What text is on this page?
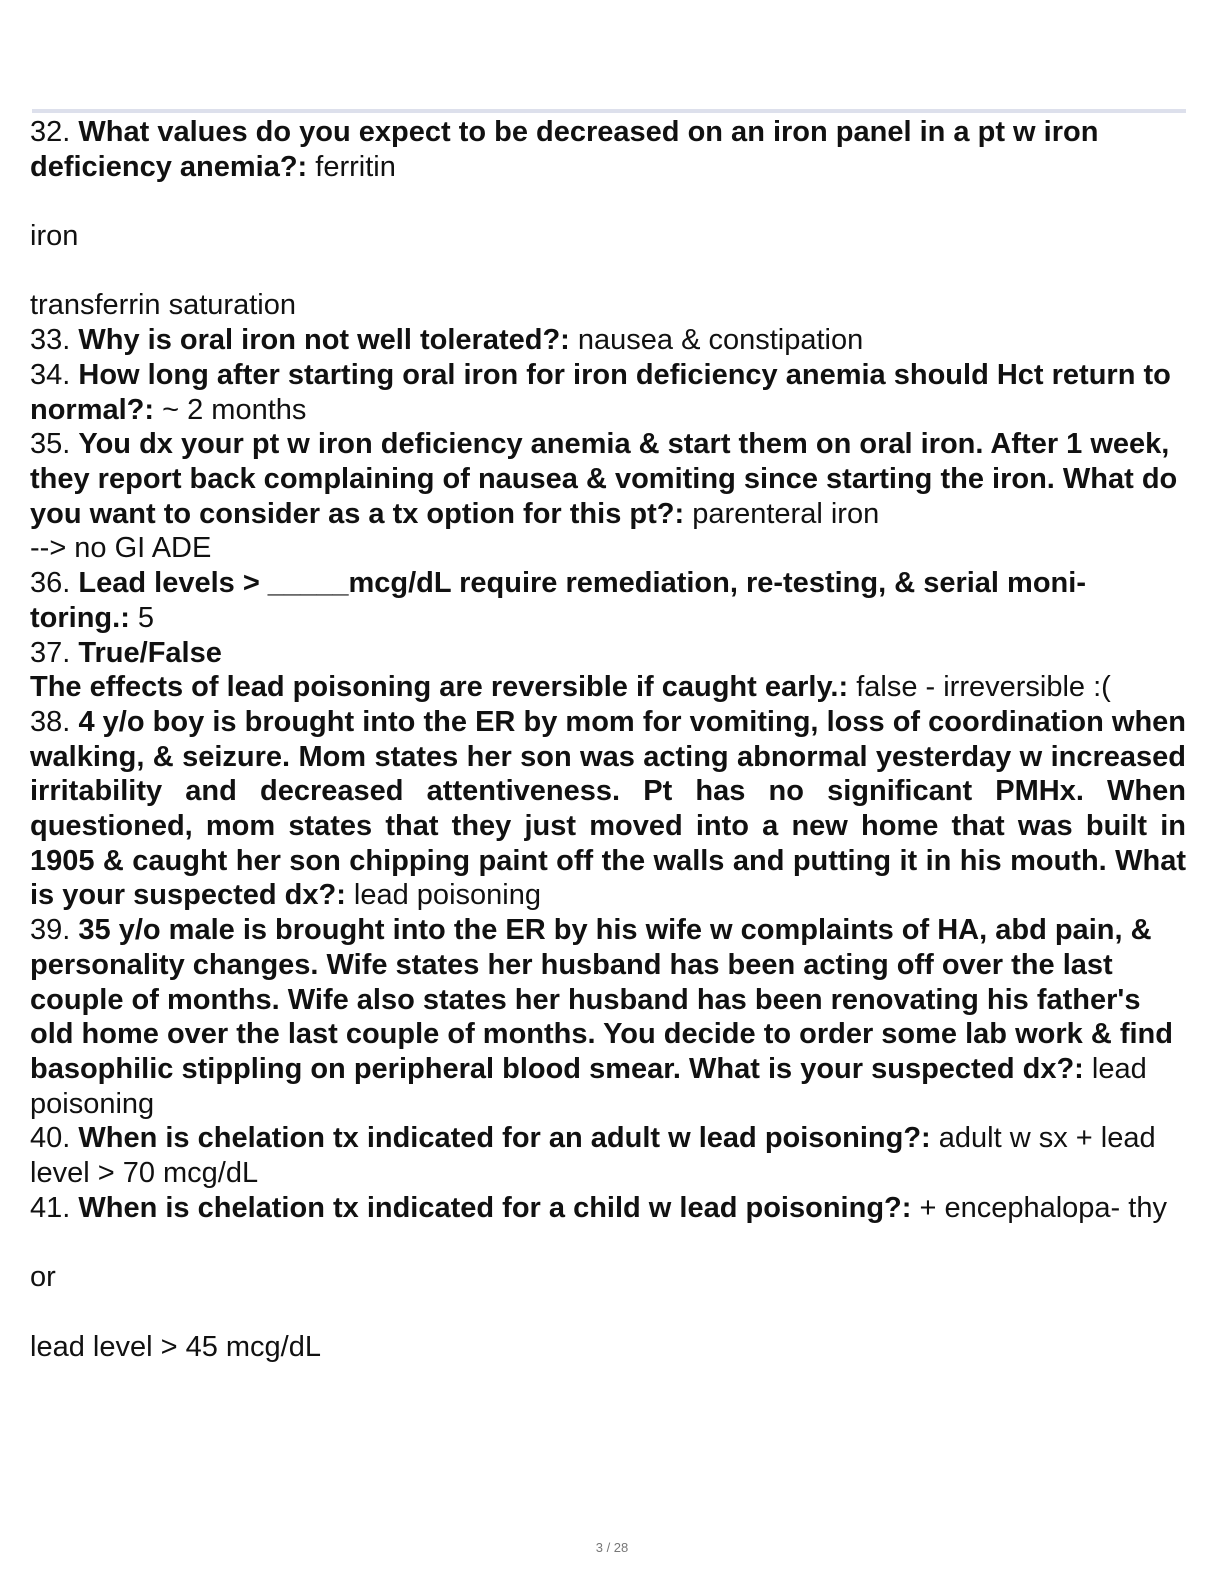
32. What values do you expect to be decreased on an iron panel in a pt w iron deficiency anemia?: ferritin
iron
transferrin saturation

33. Why is oral iron not well tolerated?: nausea & constipation

34. How long after starting oral iron for iron deficiency anemia should Hct return to normal?: ~ 2 months

35. You dx your pt w iron deficiency anemia & start them on oral iron. After 1 week, they report back complaining of nausea & vomiting since starting the iron. What do you want to consider as a tx option for this pt?: parenteral iron
--> no GI ADE

36. Lead levels > _____mcg/dL require remediation, re-testing, & serial moni- toring.: 5

37. True/False
The effects of lead poisoning are reversible if caught early.: false - irreversible :(

38. 4 y/o boy is brought into the ER by mom for vomiting, loss of coordination when walking, & seizure. Mom states her son was acting abnormal yesterday w increased irritability and decreased attentiveness. Pt has no significant PMHx. When questioned, mom states that they just moved into a new home that was built in 1905 & caught her son chipping paint off the walls and putting it in his mouth. What is your suspected dx?: lead poisoning

39. 35 y/o male is brought into the ER by his wife w complaints of HA, abd pain, & personality changes. Wife states her husband has been acting off over the last couple of months. Wife also states her husband has been renovating his father's old home over the last couple of months. You decide to order some lab work & find basophilic stippling on peripheral blood smear. What is your suspected dx?: lead poisoning

40. When is chelation tx indicated for an adult w lead poisoning?: adult w sx + lead level > 70 mcg/dL

41. When is chelation tx indicated for a child w lead poisoning?: + encephalopa- thy
or
lead level > 45 mcg/dL

3 / 28
